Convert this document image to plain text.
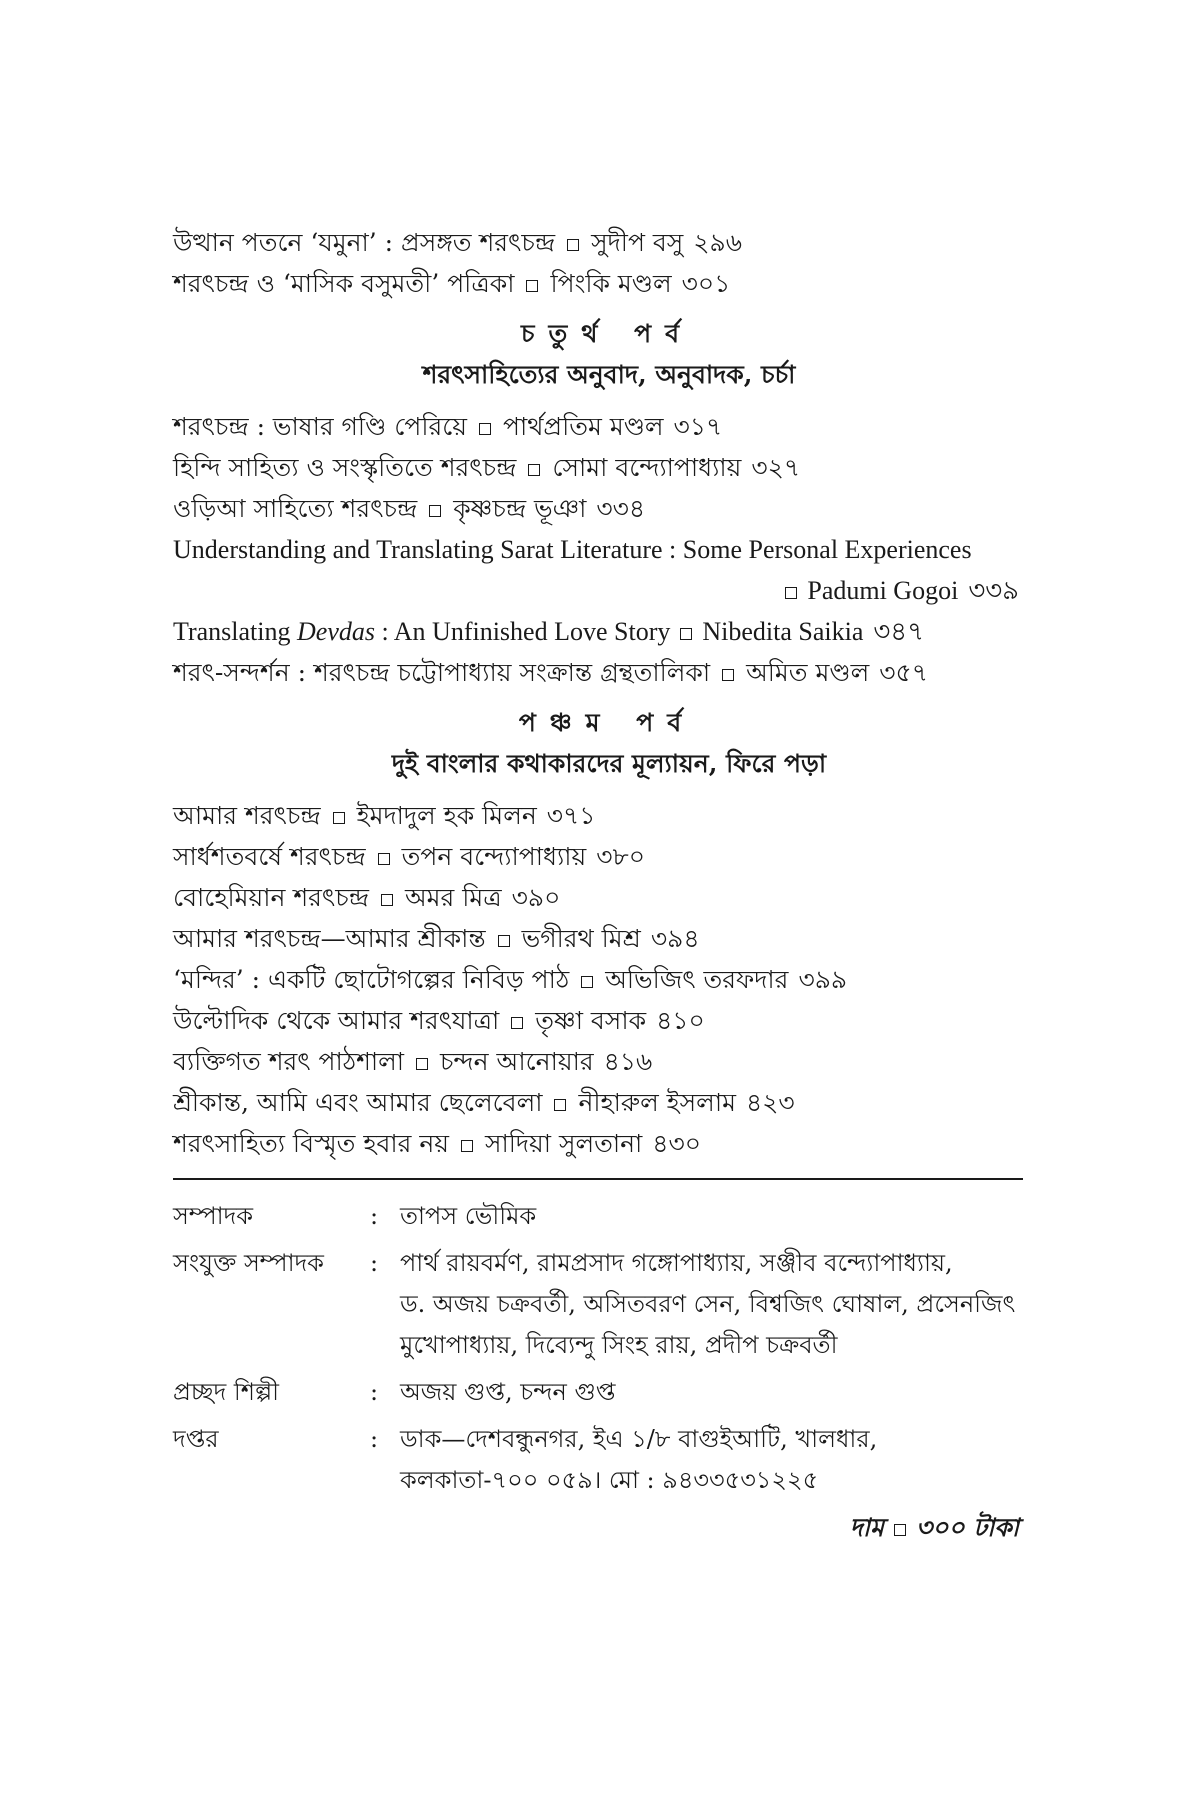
উত্থান পতনে ‘যমুনা’ : প্রসঙ্গত শরৎচন্দ্র সুদীপ বসু ২৯৬
শরৎচন্দ্র ও ‘মাসিক বসুমতী’ পত্রিকা পিংকি মণ্ডল ৩০১
চতুর্থ পর্ব
শরৎসাহিত্যের অনুবাদ, অনুবাদক, চর্চা
শরৎচন্দ্র : ভাষার গণ্ডি পেরিয়ে পার্থপ্রতিম মণ্ডল ৩১৭
হিন্দি সাহিত্য ও সংস্কৃতিতে শরৎচন্দ্র সোমা বন্দ্যোপাধ্যায় ৩২৭
ওড়িআ সাহিত্যে শরৎচন্দ্র কৃষ্ণচন্দ্র ভূঞা ৩৩৪
Understanding and Translating Sarat Literature : Some Personal Experiences
Padumi Gogoi ৩৩৯
Translating Devdas : An Unfinished Love Story Nibedita Saikia ৩৪৭
শরৎ-সন্দর্শন : শরৎচন্দ্র চট্টোপাধ্যায় সংক্রান্ত গ্রন্থতালিকা অমিত মণ্ডল ৩৫৭
পঞ্চম পর্ব
দুই বাংলার কথাকারদের মূল্যায়ন, ফিরে পড়া
আমার শরৎচন্দ্র ইমদাদুল হক মিলন ৩৭১
সার্ধশতবর্ষে শরৎচন্দ্র তপন বন্দ্যোপাধ্যায় ৩৮০
বোহেমিয়ান শরৎচন্দ্র অমর মিত্র ৩৯০
আমার শরৎচন্দ্র—আমার শ্রীকান্ত ভগীরথ মিশ্র ৩৯৪
‘মন্দির’ : একটি ছোটোগল্পের নিবিড় পাঠ অভিজিৎ তরফদার ৩৯৯
উল্টোদিক থেকে আমার শরৎযাত্রা তৃষ্ণা বসাক ৪১০
ব্যক্তিগত শরৎ পাঠশালা চন্দন আনোয়ার ৪১৬
শ্রীকান্ত, আমি এবং আমার ছেলেবেলা নীহারুল ইসলাম ৪২৩
শরৎসাহিত্য বিস্মৃত হবার নয় সাদিয়া সুলতানা ৪৩০
সম্পাদক	: তাপস ভৌমিক
সংযুক্ত সম্পাদক	: পার্থ রায়বর্মণ, রামপ্রসাদ গঙ্গোপাধ্যায়, সঞ্জীব বন্দ্যোপাধ্যায়,
ড. অজয় চক্রবর্তী, অসিতবরণ সেন, বিশ্বজিৎ ঘোষাল, প্রসেনজিৎ
মুখোপাধ্যায়, দিব্যেন্দু সিংহ রায়, প্রদীপ চক্রবর্তী
প্রচ্ছদ শিল্পী	: অজয় গুপ্ত, চন্দন গুপ্ত
দপ্তর	: ডাক—দেশবন্ধুনগর, ইএ ১/৮ বাগুইআটি, খালধার,
কলকাতা-৭০০ ০৫৯। মো : ৯৪৩৩৫৩১২২৫
দাম ৩০০ টাকা
